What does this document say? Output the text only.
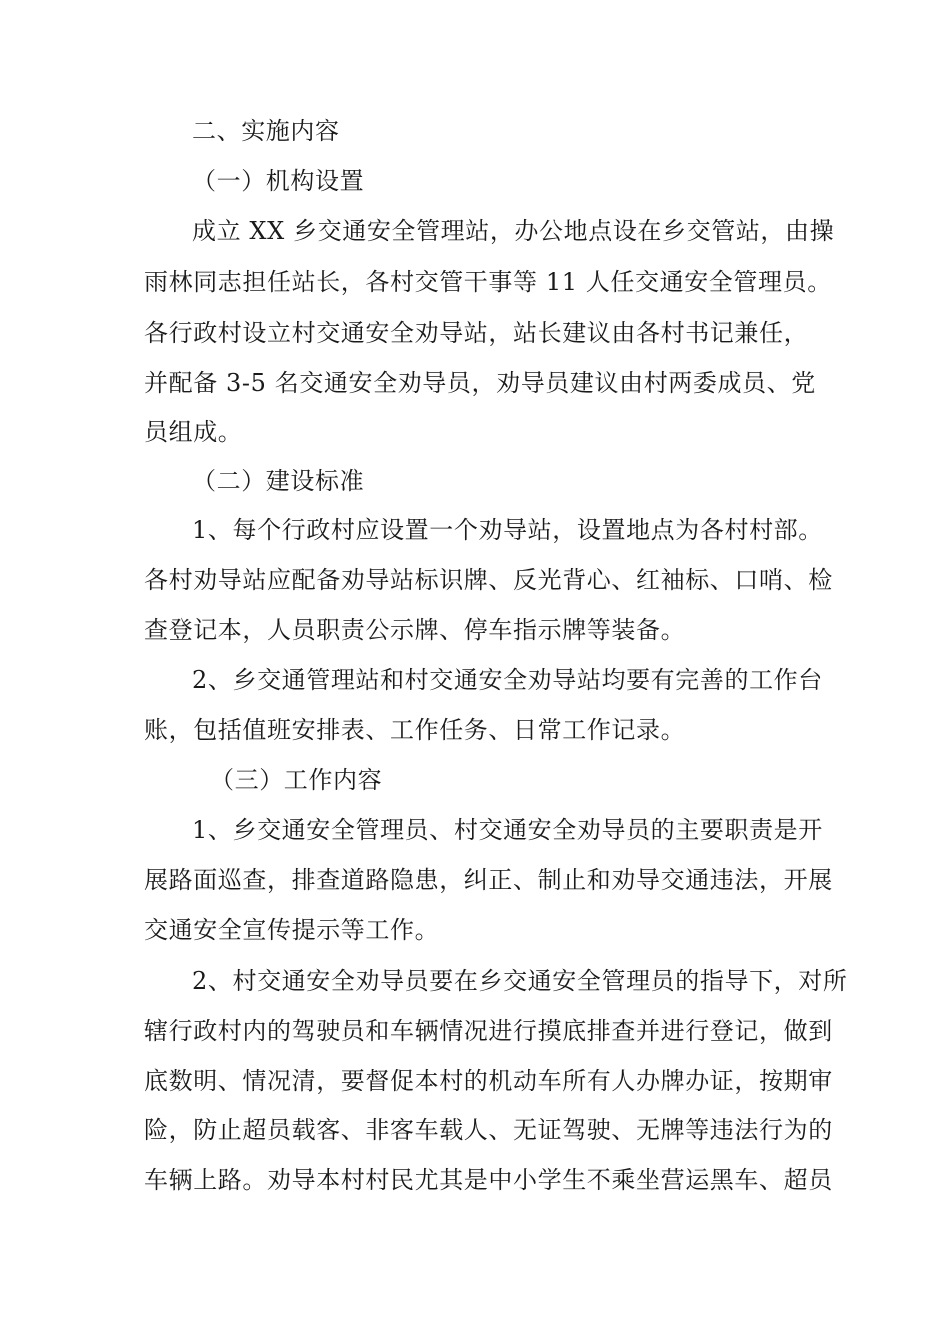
二、实施内容
（一）机构设置
成立 XX 乡交通安全管理站，办公地点设在乡交管站，由操
雨林同志担任站长，各村交管干事等 11 人任交通安全管理员。
各行政村设立村交通安全劝导站，站长建议由各村书记兼任，
并配备 3-5 名交通安全劝导员，劝导员建议由村两委成员、党
员组成。
（二）建设标准
1、每个行政村应设置一个劝导站，设置地点为各村村部。
各村劝导站应配备劝导站标识牌、反光背心、红袖标、口哨、检
查登记本，人员职责公示牌、停车指示牌等装备。
2、乡交通管理站和村交通安全劝导站均要有完善的工作台
账，包括值班安排表、工作任务、日常工作记录。
（三）工作内容
1、乡交通安全管理员、村交通安全劝导员的主要职责是开
展路面巡查，排查道路隐患，纠正、制止和劝导交通违法，开展
交通安全宣传提示等工作。
2、村交通安全劝导员要在乡交通安全管理员的指导下，对所
辖行政村内的驾驶员和车辆情况进行摸底排查并进行登记，做到
底数明、情况清，要督促本村的机动车所有人办牌办证，按期审
险，防止超员载客、非客车载人、无证驾驶、无牌等违法行为的
车辆上路。劝导本村村民尤其是中小学生不乘坐营运黑车、超员
